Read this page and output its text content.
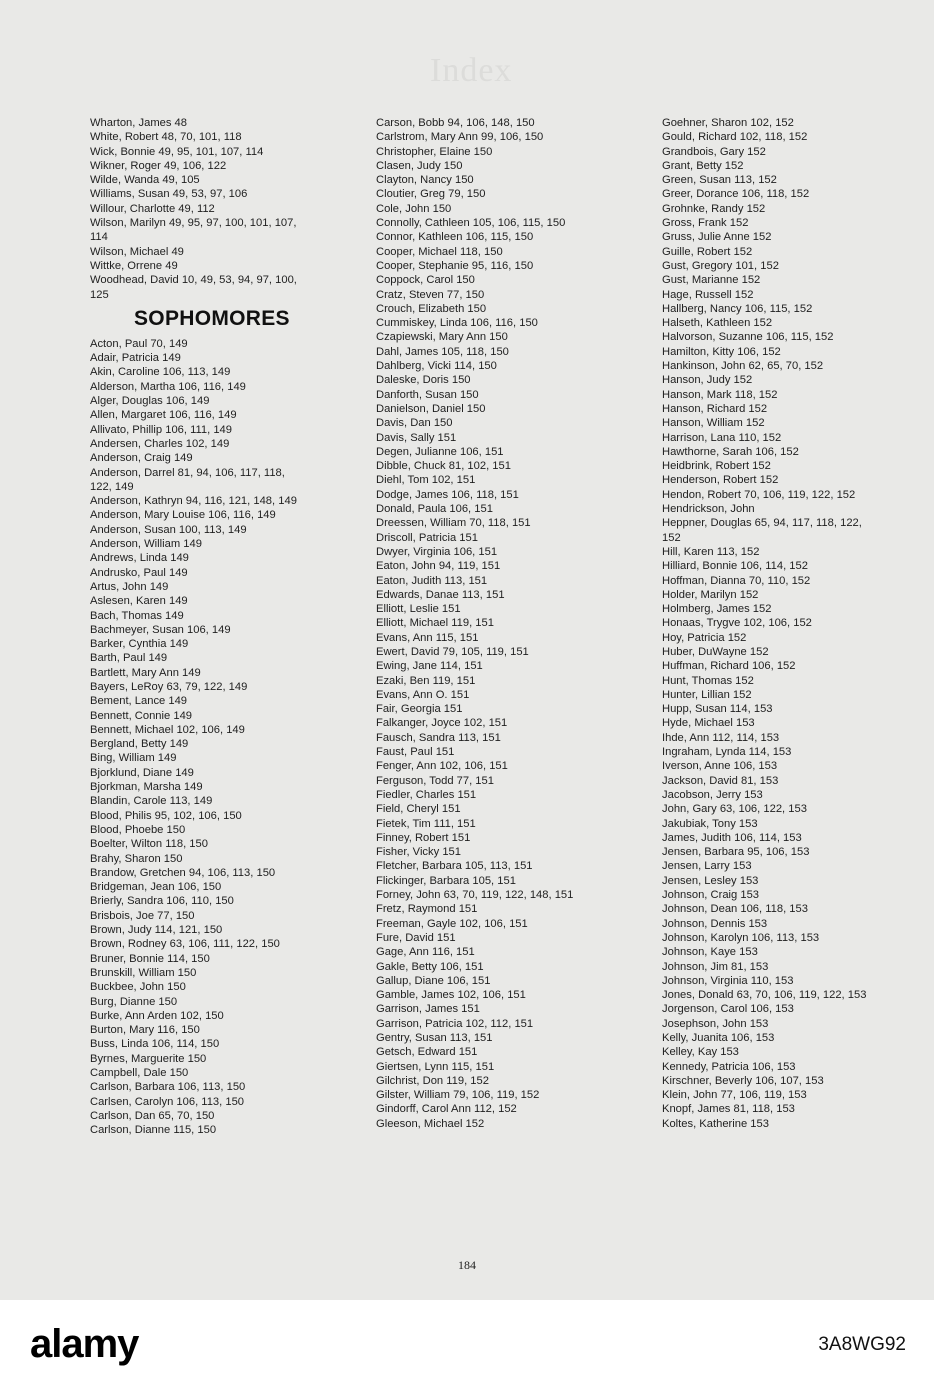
Index
Wharton, James 48
White, Robert 48, 70, 101, 118
Wick, Bonnie 49, 95, 101, 107, 114
Wikner, Roger 49, 106, 122
Wilde, Wanda 49, 105
Williams, Susan 49, 53, 97, 106
Willour, Charlotte 49, 112
Wilson, Marilyn 49, 95, 97, 100, 101, 107,
114
Wilson, Michael 49
Wittke, Orrene 49
Woodhead, David 10, 49, 53, 94, 97, 100,
125
SOPHOMORES
Acton, Paul 70, 149
Adair, Patricia 149
Akin, Caroline 106, 113, 149
Alderson, Martha 106, 116, 149
Alger, Douglas 106, 149
Allen, Margaret 106, 116, 149
Allivato, Phillip 106, 111, 149
Andersen, Charles 102, 149
Anderson, Craig 149
Anderson, Darrel 81, 94, 106, 117, 118,
122, 149
Anderson, Kathryn 94, 116, 121, 148, 149
Anderson, Mary Louise 106, 116, 149
Anderson, Susan 100, 113, 149
Anderson, William 149
Andrews, Linda 149
Andrusko, Paul 149
Artus, John 149
Aslesen, Karen 149
Bach, Thomas 149
Bachmeyer, Susan 106, 149
Barker, Cynthia 149
Barth, Paul 149
Bartlett, Mary Ann 149
Bayers, LeRoy 63, 79, 122, 149
Bement, Lance 149
Bennett, Connie 149
Bennett, Michael 102, 106, 149
Bergland, Betty 149
Bing, William 149
Bjorklund, Diane 149
Bjorkman, Marsha 149
Blandin, Carole 113, 149
Blood, Philis 95, 102, 106, 150
Blood, Phoebe 150
Boelter, Wilton 118, 150
Brahy, Sharon 150
Brandow, Gretchen 94, 106, 113, 150
Bridgeman, Jean 106, 150
Brierly, Sandra 106, 110, 150
Brisbois, Joe 77, 150
Brown, Judy 114, 121, 150
Brown, Rodney 63, 106, 111, 122, 150
Bruner, Bonnie 114, 150
Brunskill, William 150
Buckbee, John 150
Burg, Dianne 150
Burke, Ann Arden 102, 150
Burton, Mary 116, 150
Buss, Linda 106, 114, 150
Byrnes, Marguerite 150
Campbell, Dale 150
Carlson, Barbara 106, 113, 150
Carlsen, Carolyn 106, 113, 150
Carlson, Dan 65, 70, 150
Carlson, Dianne 115, 150
Carson, Bobb 94, 106, 148, 150
Carlstrom, Mary Ann 99, 106, 150
Christopher, Elaine 150
Clasen, Judy 150
Clayton, Nancy 150
Cloutier, Greg 79, 150
Cole, John 150
Connolly, Cathleen 105, 106, 115, 150
Connor, Kathleen 106, 115, 150
Cooper, Michael 118, 150
Cooper, Stephanie 95, 116, 150
Coppock, Carol 150
Cratz, Steven 77, 150
Crouch, Elizabeth 150
Cummiskey, Linda 106, 116, 150
Czapiewski, Mary Ann 150
Dahl, James 105, 118, 150
Dahlberg, Vicki 114, 150
Daleske, Doris 150
Danforth, Susan 150
Danielson, Daniel 150
Davis, Dan 150
Davis, Sally 151
Degen, Julianne 106, 151
Dibble, Chuck 81, 102, 151
Diehl, Tom 102, 151
Dodge, James 106, 118, 151
Donald, Paula 106, 151
Dreessen, William 70, 118, 151
Driscoll, Patricia 151
Dwyer, Virginia 106, 151
Eaton, John 94, 119, 151
Eaton, Judith 113, 151
Edwards, Danae 113, 151
Elliott, Leslie 151
Elliott, Michael 119, 151
Evans, Ann 115, 151
Ewert, David 79, 105, 119, 151
Ewing, Jane 114, 151
Ezaki, Ben 119, 151
Evans, Ann O. 151
Fair, Georgia 151
Falkanger, Joyce 102, 151
Fausch, Sandra 113, 151
Faust, Paul 151
Fenger, Ann 102, 106, 151
Ferguson, Todd 77, 151
Fiedler, Charles 151
Field, Cheryl 151
Fietek, Tim 111, 151
Finney, Robert 151
Fisher, Vicky 151
Fletcher, Barbara 105, 113, 151
Flickinger, Barbara 105, 151
Forney, John 63, 70, 119, 122, 148, 151
Fretz, Raymond 151
Freeman, Gayle 102, 106, 151
Fure, David 151
Gage, Ann 116, 151
Gakle, Betty 106, 151
Gallup, Diane 106, 151
Gamble, James 102, 106, 151
Garrison, James 151
Garrison, Patricia 102, 112, 151
Gentry, Susan 113, 151
Getsch, Edward 151
Giertsen, Lynn 115, 151
Gilchrist, Don 119, 152
Gilster, William 79, 106, 119, 152
Gindorff, Carol Ann 112, 152
Gleeson, Michael 152
Goehner, Sharon 102, 152
Gould, Richard 102, 118, 152
Grandbois, Gary 152
Grant, Betty 152
Green, Susan 113, 152
Greer, Dorance 106, 118, 152
Grohnke, Randy 152
Gross, Frank 152
Gruss, Julie Anne 152
Guille, Robert 152
Gust, Gregory 101, 152
Gust, Marianne 152
Hage, Russell 152
Hallberg, Nancy 106, 115, 152
Halseth, Kathleen 152
Halvorson, Suzanne 106, 115, 152
Hamilton, Kitty 106, 152
Hankinson, John 62, 65, 70, 152
Hanson, Judy 152
Hanson, Mark 118, 152
Hanson, Richard 152
Hanson, William 152
Harrison, Lana 110, 152
Hawthorne, Sarah 106, 152
Heidbrink, Robert 152
Henderson, Robert 152
Hendon, Robert 70, 106, 119, 122, 152
Hendrickson, John
Heppner, Douglas 65, 94, 117, 118, 122,
152
Hill, Karen 113, 152
Hilliard, Bonnie 106, 114, 152
Hoffman, Dianna 70, 110, 152
Holder, Marilyn 152
Holmberg, James 152
Honaas, Trygve 102, 106, 152
Hoy, Patricia 152
Huber, DuWayne 152
Huffman, Richard 106, 152
Hunt, Thomas 152
Hunter, Lillian 152
Hupp, Susan 114, 153
Hyde, Michael 153
Ihde, Ann 112, 114, 153
Ingraham, Lynda 114, 153
Iverson, Anne 106, 153
Jackson, David 81, 153
Jacobson, Jerry 153
John, Gary 63, 106, 122, 153
Jakubiak, Tony 153
James, Judith 106, 114, 153
Jensen, Barbara 95, 106, 153
Jensen, Larry 153
Jensen, Lesley 153
Johnson, Craig 153
Johnson, Dean 106, 118, 153
Johnson, Dennis 153
Johnson, Karolyn 106, 113, 153
Johnson, Kaye 153
Johnson, Jim 81, 153
Johnson, Virginia 110, 153
Jones, Donald 63, 70, 106, 119, 122, 153
Jorgenson, Carol 106, 153
Josephson, John 153
Kelly, Juanita 106, 153
Kelley, Kay 153
Kennedy, Patricia 106, 153
Kirschner, Beverly 106, 107, 153
Klein, John 77, 106, 119, 153
Knopf, James 81, 118, 153
Koltes, Katherine 153
184
alamy	3A8WG92
